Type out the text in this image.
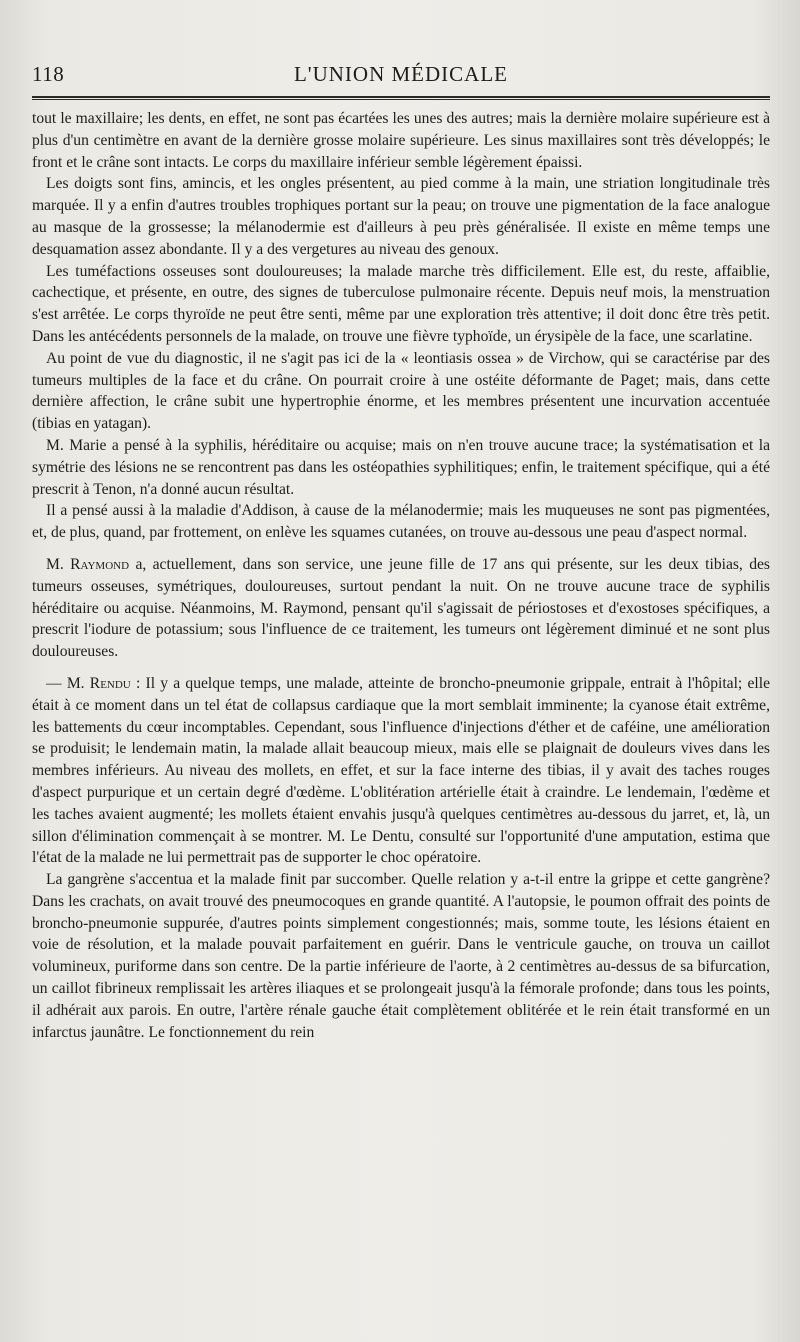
118	L'UNION MÉDICALE

tout le maxillaire; les dents, en effet, ne sont pas écartées les unes des autres; mais la dernière molaire supérieure est à plus d'un centimètre en avant de la dernière grosse molaire supérieure. Les sinus maxillaires sont très développés; le front et le crâne sont intacts. Le corps du maxillaire inférieur semble légèrement épaissi.

Les doigts sont fins, amincis, et les ongles présentent, au pied comme à la main, une striation longitudinale très marquée. Il y a enfin d'autres troubles trophiques portant sur la peau; on trouve une pigmentation de la face analogue au masque de la grossesse; la mélanodermie est d'ailleurs à peu près généralisée. Il existe en même temps une desquamation assez abondante. Il y a des vergetures au niveau des genoux.

Les tuméfactions osseuses sont douloureuses; la malade marche très difficilement. Elle est, du reste, affaiblie, cachectique, et présente, en outre, des signes de tuberculose pulmonaire récente. Depuis neuf mois, la menstruation s'est arrêtée. Le corps thyroïde ne peut être senti, même par une exploration très attentive; il doit donc être très petit. Dans les antécédents personnels de la malade, on trouve une fièvre typhoïde, un érysipèle de la face, une scarlatine.

Au point de vue du diagnostic, il ne s'agit pas ici de la « leontiasis ossea » de Virchow, qui se caractérise par des tumeurs multiples de la face et du crâne. On pourrait croire à une ostéite déformante de Paget; mais, dans cette dernière affection, le crâne subit une hypertrophie énorme, et les membres présentent une incurvation accentuée (tibias en yatagan).

M. Marie a pensé à la syphilis, héréditaire ou acquise; mais on n'en trouve aucune trace; la systématisation et la symétrie des lésions ne se rencontrent pas dans les ostéopathies syphilitiques; enfin, le traitement spécifique, qui a été prescrit à Tenon, n'a donné aucun résultat.

Il a pensé aussi à la maladie d'Addison, à cause de la mélanodermie; mais les muqueuses ne sont pas pigmentées, et, de plus, quand, par frottement, on enlève les squames cutanées, on trouve au-dessous une peau d'aspect normal.

M. Raymond a, actuellement, dans son service, une jeune fille de 17 ans qui présente, sur les deux tibias, des tumeurs osseuses, symétriques, douloureuses, surtout pendant la nuit. On ne trouve aucune trace de syphilis héréditaire ou acquise. Néanmoins, M. Raymond, pensant qu'il s'agissait de périostoses et d'exostoses spécifiques, a prescrit l'iodure de potassium; sous l'influence de ce traitement, les tumeurs ont légèrement diminué et ne sont plus douloureuses.

— M. Rendu : Il y a quelque temps, une malade, atteinte de broncho-pneumonie grippale, entrait à l'hôpital; elle était à ce moment dans un tel état de collapsus cardiaque que la mort semblait imminente; la cyanose était extrême, les battements du cœur incomptables. Cependant, sous l'influence d'injections d'éther et de caféine, une amélioration se produisit; le lendemain matin, la malade allait beaucoup mieux, mais elle se plaignait de douleurs vives dans les membres inférieurs. Au niveau des mollets, en effet, et sur la face interne des tibias, il y avait des taches rouges d'aspect purpurique et un certain degré d'œdème. L'oblitération artérielle était à craindre. Le lendemain, l'œdème et les taches avaient augmenté; les mollets étaient envahis jusqu'à quelques centimètres au-dessous du jarret, et, là, un sillon d'élimination commençait à se montrer. M. Le Dentu, consulté sur l'opportunité d'une amputation, estima que l'état de la malade ne lui permettrait pas de supporter le choc opératoire.

La gangrène s'accentua et la malade finit par succomber. Quelle relation y a-t-il entre la grippe et cette gangrène? Dans les crachats, on avait trouvé des pneumocoques en grande quantité. A l'autopsie, le poumon offrait des points de broncho-pneumonie suppurée, d'autres points simplement congestionnés; mais, somme toute, les lésions étaient en voie de résolution, et la malade pouvait parfaitement en guérir. Dans le ventricule gauche, on trouva un caillot volumineux, puriforme dans son centre. De la partie inférieure de l'aorte, à 2 centimètres au-dessus de sa bifurcation, un caillot fibrineux remplissait les artères iliaques et se prolongeait jusqu'à la fémorale profonde; dans tous les points, il adhérait aux parois. En outre, l'artère rénale gauche était complètement oblitérée et le rein était transformé en un infarctus jaunâtre. Le fonctionnement du rein
